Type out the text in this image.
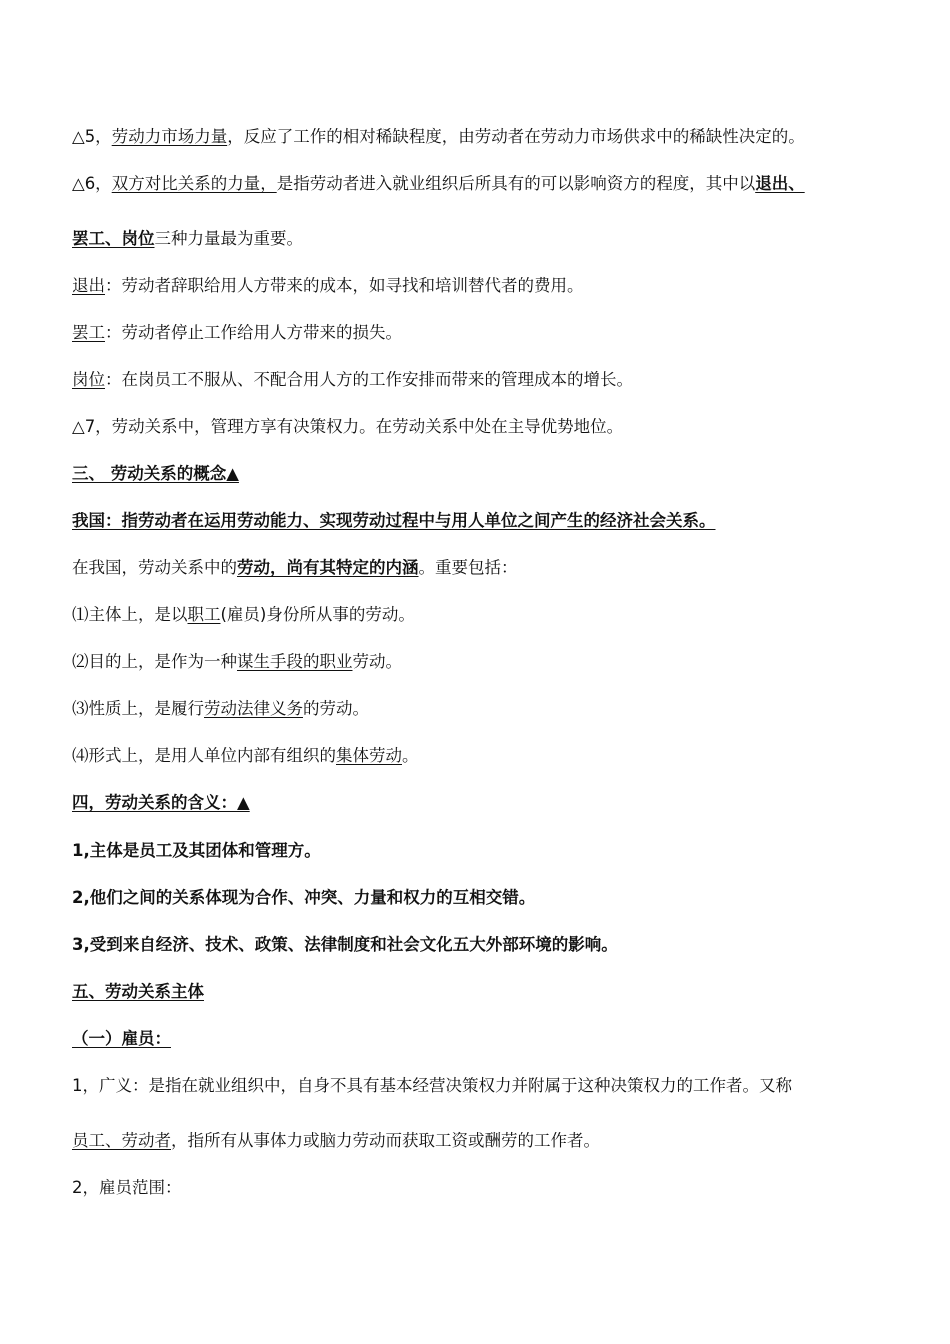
△5，劳动力市场力量，反应了工作的相对稀缺程度，由劳动者在劳动力市场供求中的稀缺性决定的。
△6，双方对比关系的力量，是指劳动者进入就业组织后所具有的可以影响资方的程度，其中以退出、
罢工、岗位三种力量最为重要。
退出：劳动者辞职给用人方带来的成本，如寻找和培训替代者的费用。
罢工：劳动者停止工作给用人方带来的损失。
岗位：在岗员工不服从、不配合用人方的工作安排而带来的管理成本的增长。
△7，劳动关系中，管理方享有决策权力。在劳动关系中处在主导优势地位。
三、 劳动关系的概念▲
我国：指劳动者在运用劳动能力、实现劳动过程中与用人单位之间产生的经济社会关系。
在我国，劳动关系中的劳动，尚有其特定的内涵。重要包括：
⑴主体上，是以职工(雇员)身份所从事的劳动。
⑵目的上，是作为一种谋生手段的职业劳动。
⑶性质上，是履行劳动法律义务的劳动。
⑷形式上，是用人单位内部有组织的集体劳动。
四，劳动关系的含义：▲
1,主体是员工及其团体和管理方。
2,他们之间的关系体现为合作、冲突、力量和权力的互相交错。
3,受到来自经济、技术、政策、法律制度和社会文化五大外部环境的影响。
五、劳动关系主体
（一）雇员：
1，广义：是指在就业组织中，自身不具有基本经营决策权力并附属于这种决策权力的工作者。又称
员工、劳动者，指所有从事体力或脑力劳动而获取工资或酬劳的工作者。
2，雇员范围：
